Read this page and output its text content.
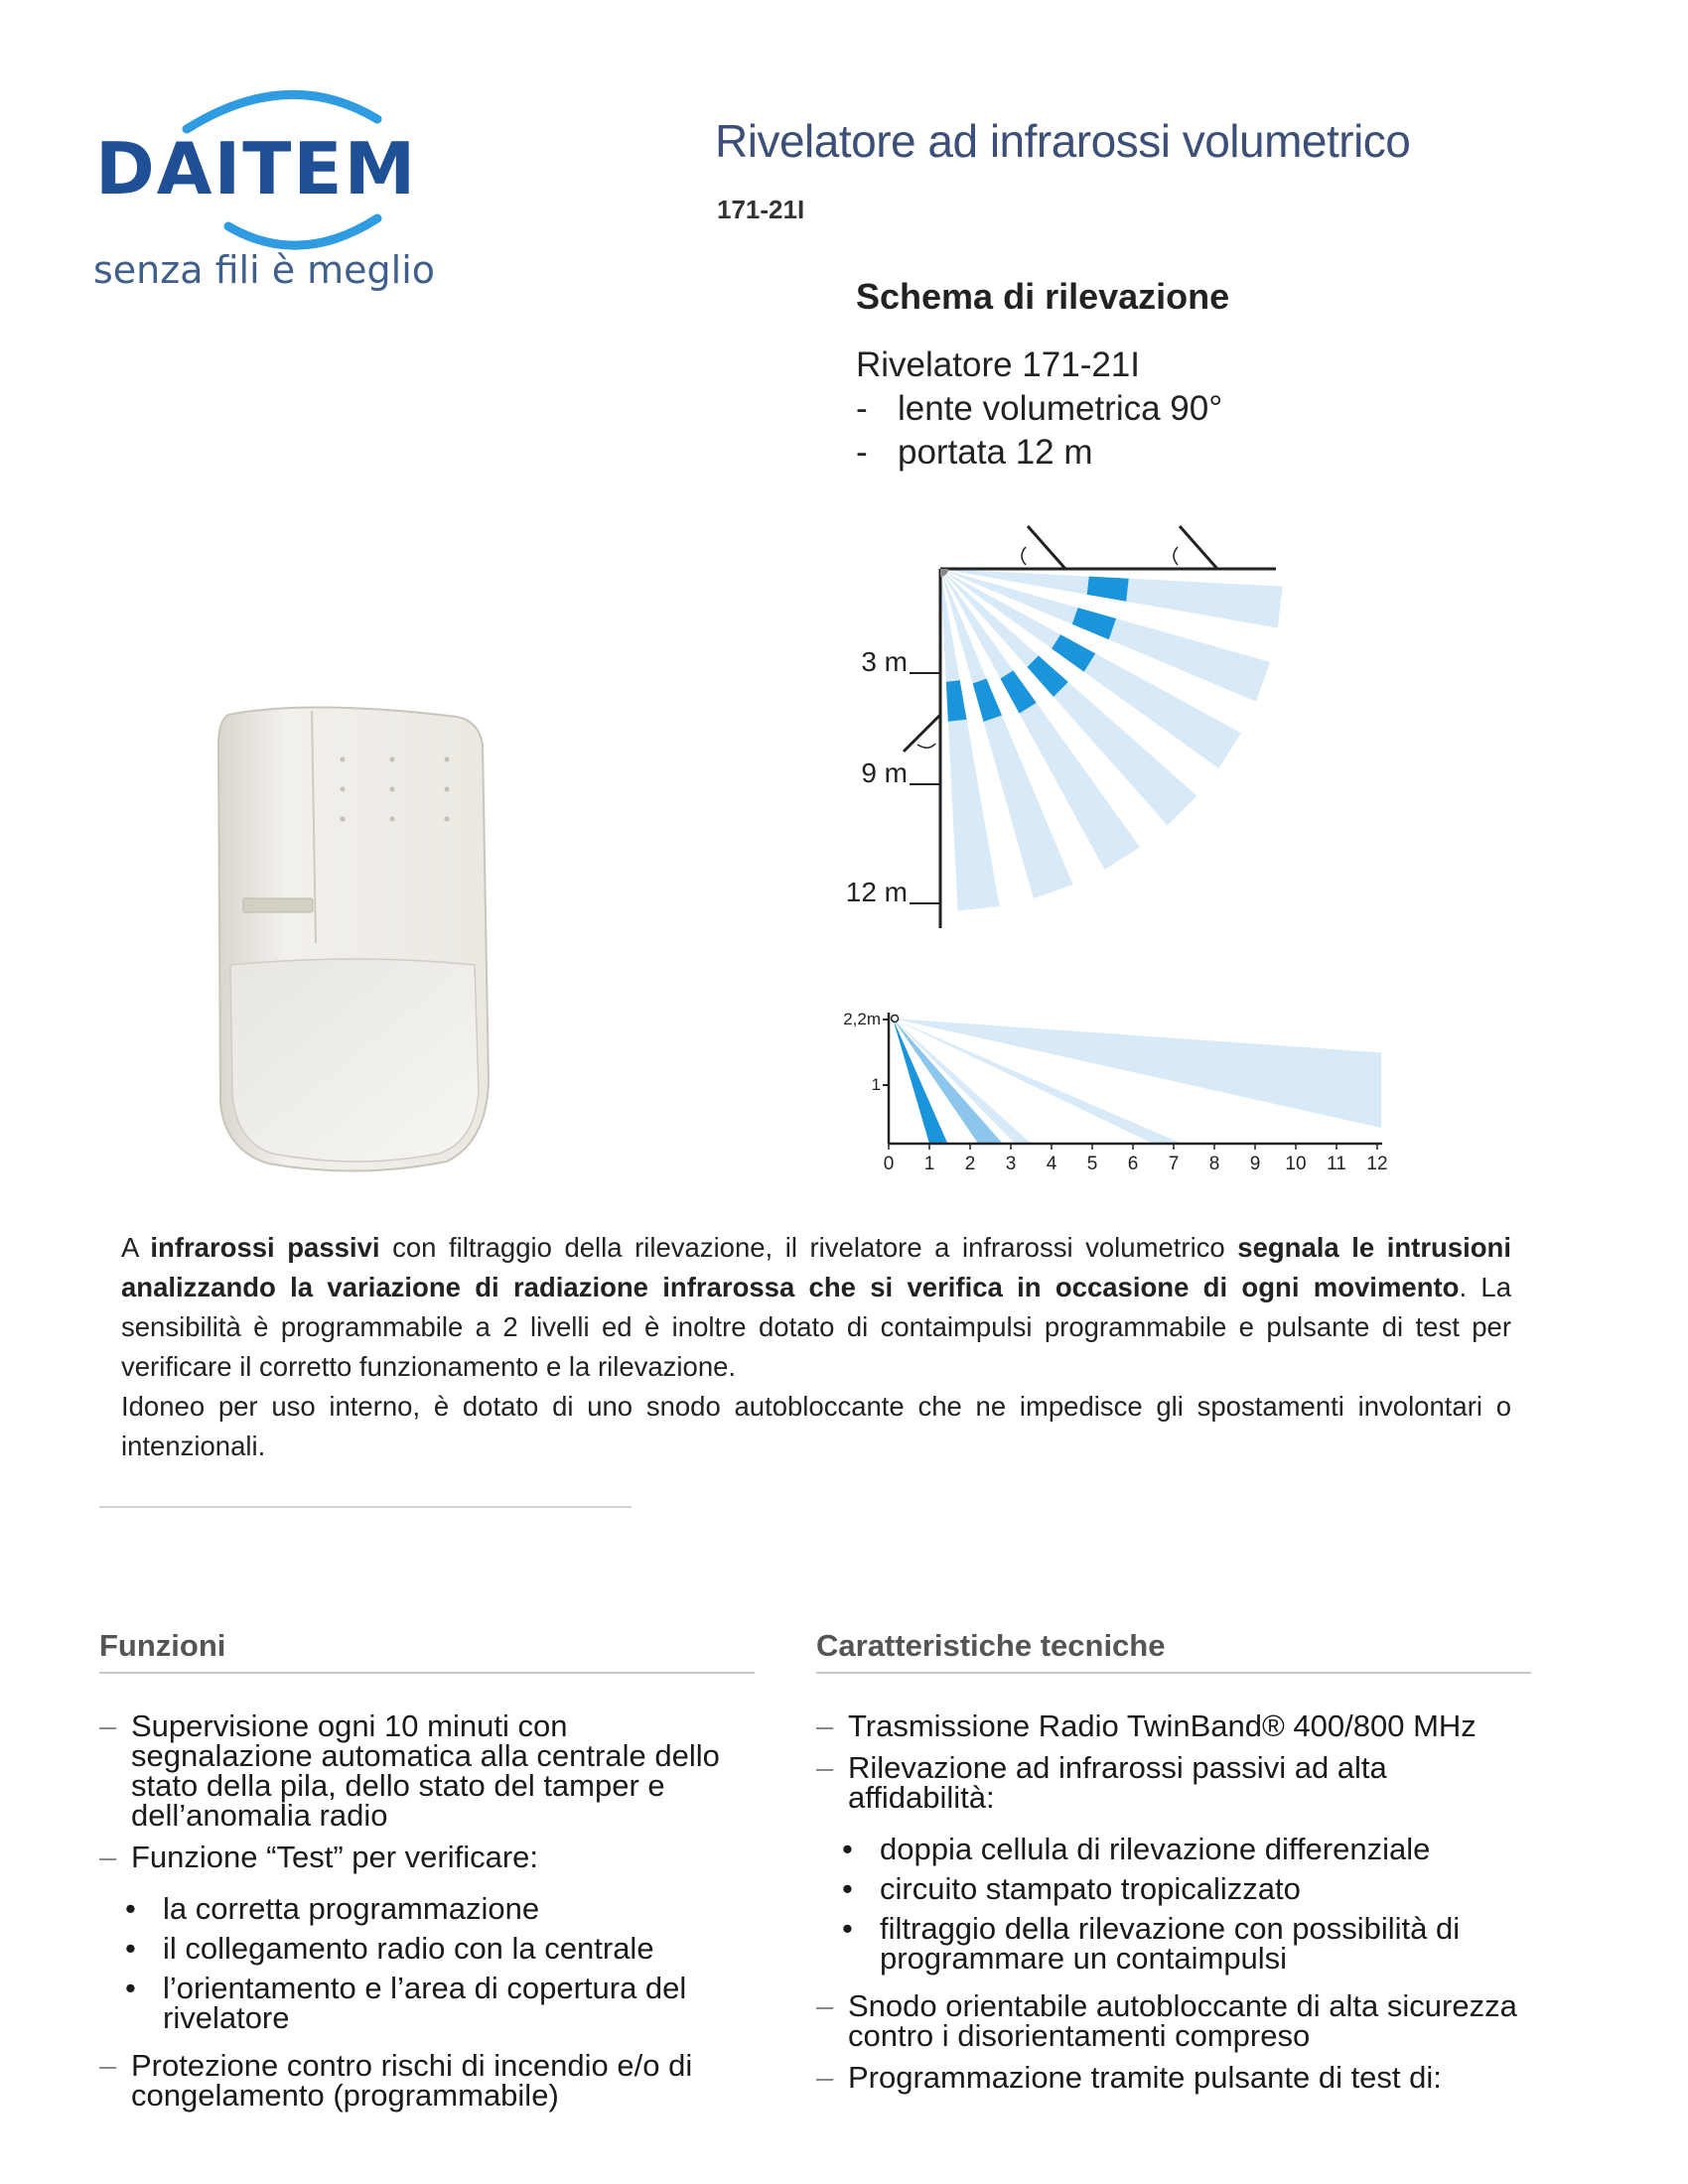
DAITEM
senza fili è meglio
Rivelatore ad infrarossi volumetrico
171-21I
Schema di rilevazione
Rivelatore 171-21I
- lente volumetrica 90°
- portata 12 m
3 m
9 m
12 m
2,2m
1
0 1 2 3 4 5 6 7 8 9 10 11 12
A infrarossi passivi con filtraggio della rilevazione, il rivelatore a infrarossi volumetrico segnala le intrusioni analizzando la variazione di radiazione infrarossa che si verifica in occasione di ogni movimento. La sensibilità è programmabile a 2 livelli ed è inoltre dotato di contaimpulsi programmabile e pulsante di test per verificare il corretto funzionamento e la rilevazione.
Idoneo per uso interno, è dotato di uno snodo autobloccante che ne impedisce gli spostamenti involontari o intenzionali.
Funzioni
– Supervisione ogni 10 minuti con segnalazione automatica alla centrale dello stato della pila, dello stato del tamper e dell’anomalia radio
– Funzione “Test” per verificare:
• la corretta programmazione
• il collegamento radio con la centrale
• l’orientamento e l’area di copertura del rivelatore
– Protezione contro rischi di incendio e/o di congelamento (programmabile)
Caratteristiche tecniche
– Trasmissione Radio TwinBand® 400/800 MHz
– Rilevazione ad infrarossi passivi ad alta affidabilità:
• doppia cellula di rilevazione differenziale
• circuito stampato tropicalizzato
• filtraggio della rilevazione con possibilità di programmare un contaimpulsi
– Snodo orientabile autobloccante di alta sicurezza contro i disorientamenti compreso
– Programmazione tramite pulsante di test di:
